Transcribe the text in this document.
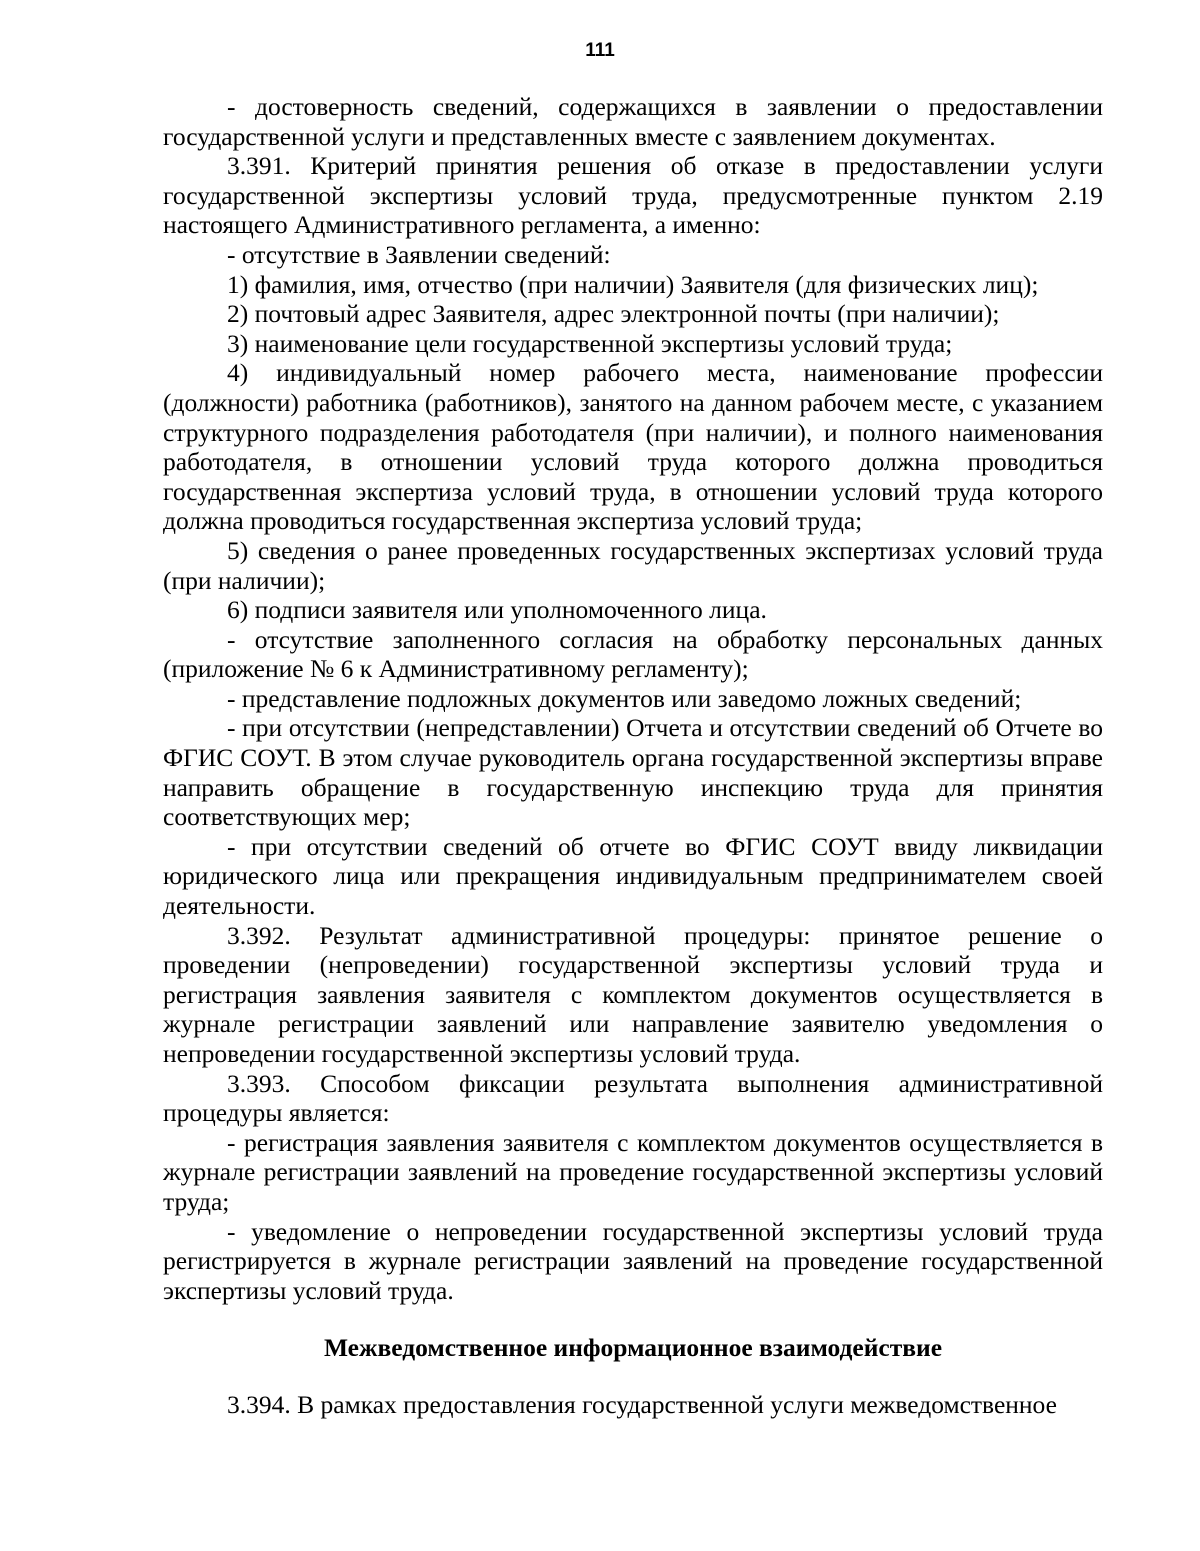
111

- достоверность сведений, содержащихся в заявлении о предоставлении государственной услуги и представленных вместе с заявлением документах.

3.391. Критерий принятия решения об отказе в предоставлении услуги государственной экспертизы условий труда, предусмотренные пунктом 2.19 настоящего Административного регламента, а именно:

- отсутствие в Заявлении сведений:

1) фамилия, имя, отчество (при наличии) Заявителя (для физических лиц);

2) почтовый адрес Заявителя, адрес электронной почты (при наличии);

3) наименование цели государственной экспертизы условий труда;

4) индивидуальный номер рабочего места, наименование профессии (должности) работника (работников), занятого на данном рабочем месте, с указанием структурного подразделения работодателя (при наличии), и полного наименования работодателя, в отношении условий труда которого должна проводиться государственная экспертиза условий труда, в отношении условий труда которого должна проводиться государственная экспертиза условий труда;

5) сведения о ранее проведенных государственных экспертизах условий труда (при наличии);

6) подписи заявителя или уполномоченного лица.

- отсутствие заполненного согласия на обработку персональных данных (приложение № 6 к Административному регламенту);

- представление подложных документов или заведомо ложных сведений;

- при отсутствии (непредставлении) Отчета и отсутствии сведений об Отчете во ФГИС СОУТ. В этом случае руководитель органа государственной экспертизы вправе направить обращение в государственную инспекцию труда для принятия соответствующих мер;

- при отсутствии сведений об отчете во ФГИС СОУТ ввиду ликвидации юридического лица или прекращения индивидуальным предпринимателем своей деятельности.

3.392. Результат административной процедуры: принятое решение о проведении (непроведении) государственной экспертизы условий труда и регистрация заявления заявителя с комплектом документов осуществляется в журнале регистрации заявлений или направление заявителю уведомления о непроведении государственной экспертизы условий труда.

3.393. Способом фиксации результата выполнения административной процедуры является:

- регистрация заявления заявителя с комплектом документов осуществляется в журнале регистрации заявлений на проведение государственной экспертизы условий труда;

- уведомление о непроведении государственной экспертизы условий труда регистрируется в журнале регистрации заявлений на проведение государственной экспертизы условий труда.

Межведомственное информационное взаимодействие

3.394. В рамках предоставления государственной услуги межведомственное
